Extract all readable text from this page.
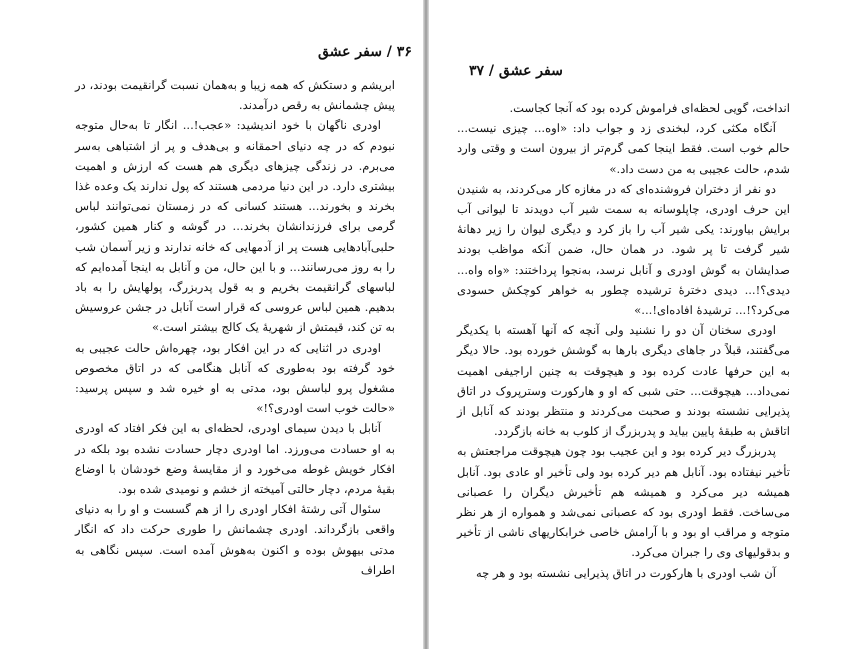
۳۶ / سفر عشق

ابریشم و دستکش که همه زیبا و به‌همان نسبت گرانقیمت بودند، در پیش چشمانش به رقص درآمدند.

اودری ناگهان با خود اندیشید: «عجب!... انگار تا به‌حال متوجه نبودم که در چه دنیای احمقانه و بی‌هدف و پر از اشتباهی به‌سر می‌برم. در زندگی چیزهای دیگری هم هست که ارزش و اهمیت بیشتری دارد. در این دنیا مردمی هستند که پول ندارند یک وعده غذا بخرند و بخورند... هستند کسانی که در زمستان نمی‌توانند لباس گرمی برای فرزندانشان بخرند... در گوشه و کنار همین کشور، حلبی‌آبادهایی هست پر از آدمهایی که خانه ندارند و زیر آسمان شب را به روز می‌رسانند... و با این حال، من و آنابل به اینجا آمده‌ایم که لباسهای گرانقیمت بخریم و به قول پدربزرگ، پولهایش را به باد بدهیم. همین لباس عروسی که قرار است آنابل در جشن عروسیش به تن کند، قیمتش از شهریهٔ یک کالج بیشتر است.»

اودری در اثنایی که در این افکار بود، چهره‌اش حالت عجیبی به خود گرفته بود به‌طوری که آنابل هنگامی که در اتاق مخصوص مشغول پرو لباسش بود، مدتی به او خیره شد و سپس پرسید: «حالت خوب است اودری؟!»

آنابل با دیدن سیمای اودری، لحظه‌ای به این فکر افتاد که اودری به او حسادت می‌ورزد. اما اودری دچار حسادت نشده بود بلکه در افکار خویش غوطه می‌خورد و از مقایسهٔ وضع خودشان با اوضاع بقیهٔ مردم، دچار حالتی آمیخته از خشم و نومیدی شده بود.

سئوال آتی رشتهٔ افکار اودری را از هم گسست و او را به دنیای واقعی بازگرداند. اودری چشمانش را طوری حرکت داد که انگار مدتی بیهوش بوده و اکنون به‌هوش آمده است. سپس نگاهی به اطراف

سفر عشق / ۳۷

انداخت، گویی لحظه‌ای فراموش کرده بود که آنجا کجاست.

آنگاه مکثی کرد، لبخندی زد و جواب داد: «اوه... چیزی نیست... حالم خوب است. فقط اینجا کمی گرم‌تر از بیرون است و وقتی وارد شدم، حالت عجیبی به من دست داد.»

دو نفر از دختران فروشنده‌ای که در مغازه کار می‌کردند، به شنیدن این حرف اودری، چاپلوسانه به سمت شیر آب دویدند تا لیوانی آب برایش بیاورند: یکی شیر آب را باز کرد و دیگری لیوان را زیر دهانهٔ شیر گرفت تا پر شود. در همان حال، ضمن آنکه مواظب بودند صدایشان به گوش اودری و آنابل نرسد، به‌نجوا پرداختند: «واه واه... دیدی؟!... دیدی دخترهٔ ترشیده چطور به خواهر کوچکش حسودی می‌کرد؟!... ترشیدهٔ افاده‌ای!...»

اودری سخنان آن دو را نشنید ولی آنچه که آنها آهسته با یکدیگر می‌گفتند، قبلاً در جاهای دیگری بارها به گوشش خورده بود. حالا دیگر به این حرفها عادت کرده بود و هیچوقت به چنین اراجیفی اهمیت نمی‌داد... هیچوقت... حتی شبی که او و هارکورت وسترپروک در اتاق پذیرایی نشسته بودند و صحبت می‌کردند و منتظر بودند که آنابل از اتاقش به طبقهٔ پایین بیاید و پدربزرگ از کلوب به خانه بازگردد.

پدربزرگ دیر کرده بود و این عجیب بود چون هیچوقت مراجعتش به تأخیر نیفتاده بود. آنابل هم دیر کرده بود ولی تأخیر او عادی بود. آنابل همیشه دیر می‌کرد و همیشه هم تأخیرش دیگران را عصبانی می‌ساخت. فقط اودری بود که عصبانی نمی‌شد و همواره از هر نظر متوجه و مراقب او بود و با آرامش خاصی خرابکاریهای ناشی از تأخیر و بدقولیهای وی را جبران می‌کرد.

آن شب اودری با هارکورت در اتاق پذیرایی نشسته بود و هر چه
